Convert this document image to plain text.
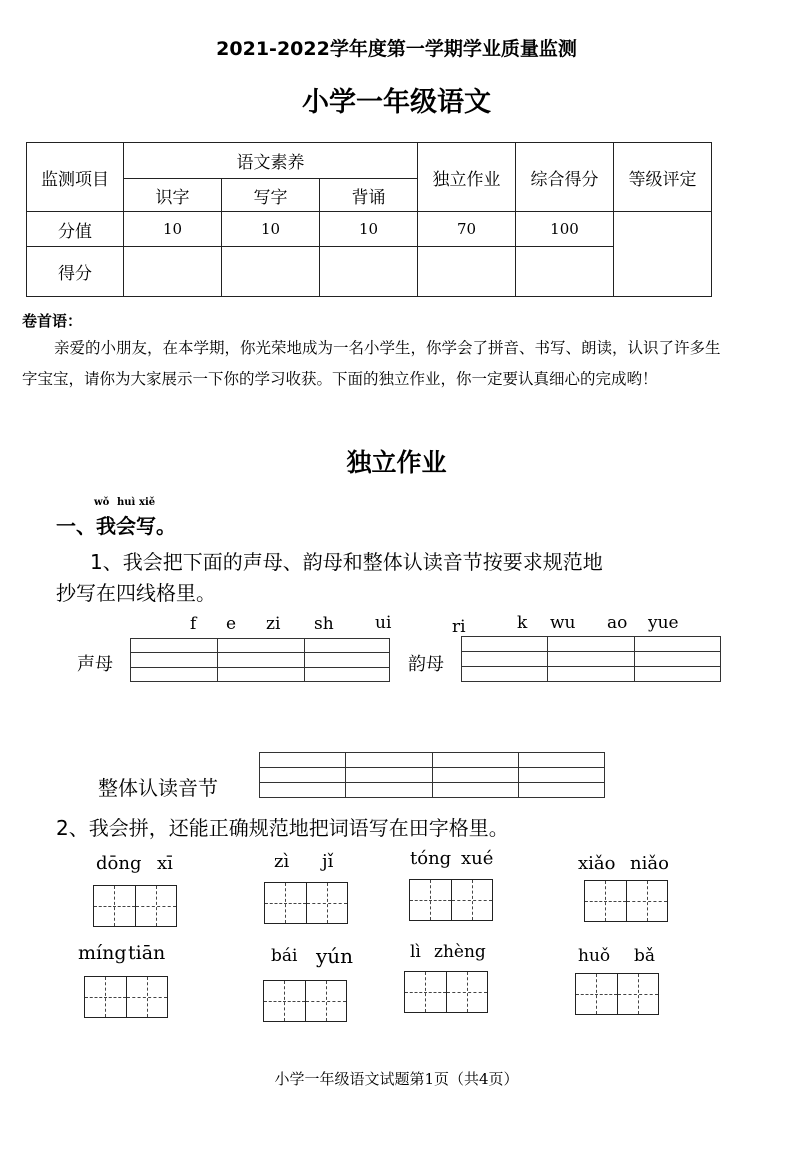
2021-2022学年度第一学期学业质量监测
小学一年级语文
监测项目	语文素养			独立作业	综合得分	等级评定
	识字	写字	背诵			
分值	10	10	10	70	100	
得分						
卷首语：
亲爱的小朋友，在本学期，你光荣地成为一名小学生，你学会了拼音、书写、朗读，认识了许多生字宝宝，请你为大家展示一下你的学习收获。下面的独立作业，你一定要认真细心的完成哟！
独立作业
一、
wǒ
我
huì
会
xiě
写。
1、我会把下面的声母、韵母和整体认读音节按要求规范地
抄写在四线格里。
f e zi sh ui
声母
ri	k wu ao yue
韵母
整体认读音节
2、我会拼，还能正确规范地把词语写在田字格里。
dōng xī	zì jǐ	tóng xué	xiǎo niǎo
míng tiān	bái yún	lì zhèng	huǒ bǎ
小学一年级语文试题第1页（共4页）
